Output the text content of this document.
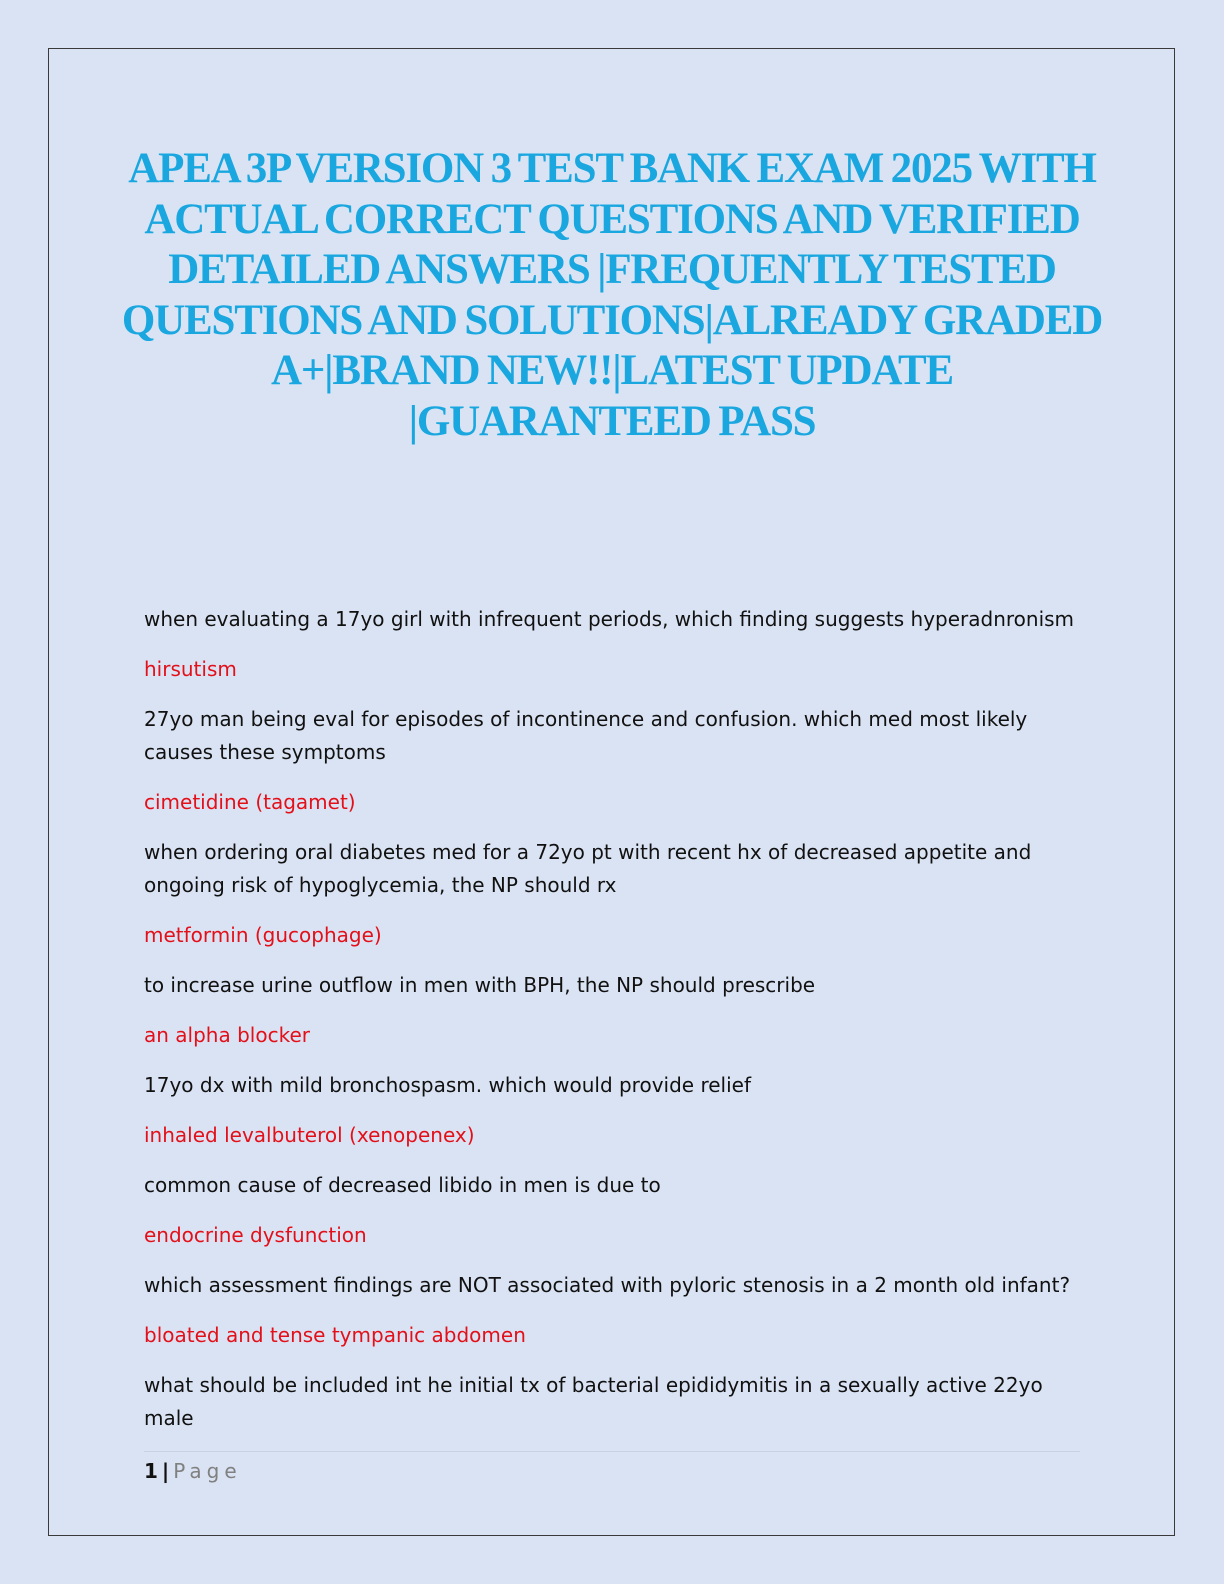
APEA 3P VERSION 3 TEST BANK EXAM 2025 WITH ACTUAL CORRECT QUESTIONS AND VERIFIED DETAILED ANSWERS |FREQUENTLY TESTED QUESTIONS AND SOLUTIONS|ALREADY GRADED A+|BRAND NEW!!|LATEST UPDATE |GUARANTEED PASS
when evaluating a 17yo girl with infrequent periods, which finding suggests hyperadnronism
hirsutism
27yo man being eval for episodes of incontinence and confusion. which med most likely causes these symptoms
cimetidine (tagamet)
when ordering oral diabetes med for a 72yo pt with recent hx of decreased appetite and ongoing risk of hypoglycemia, the NP should rx
metformin (gucophage)
to increase urine outflow in men with BPH, the NP should prescribe
an alpha blocker
17yo dx with mild bronchospasm. which would provide relief
inhaled levalbuterol (xenopenex)
common cause of decreased libido in men is due to
endocrine dysfunction
which assessment findings are NOT associated with pyloric stenosis in a 2 month old infant?
bloated and tense tympanic abdomen
what should be included int he initial tx of bacterial epididymitis in a sexually active 22yo male
1 | Page
